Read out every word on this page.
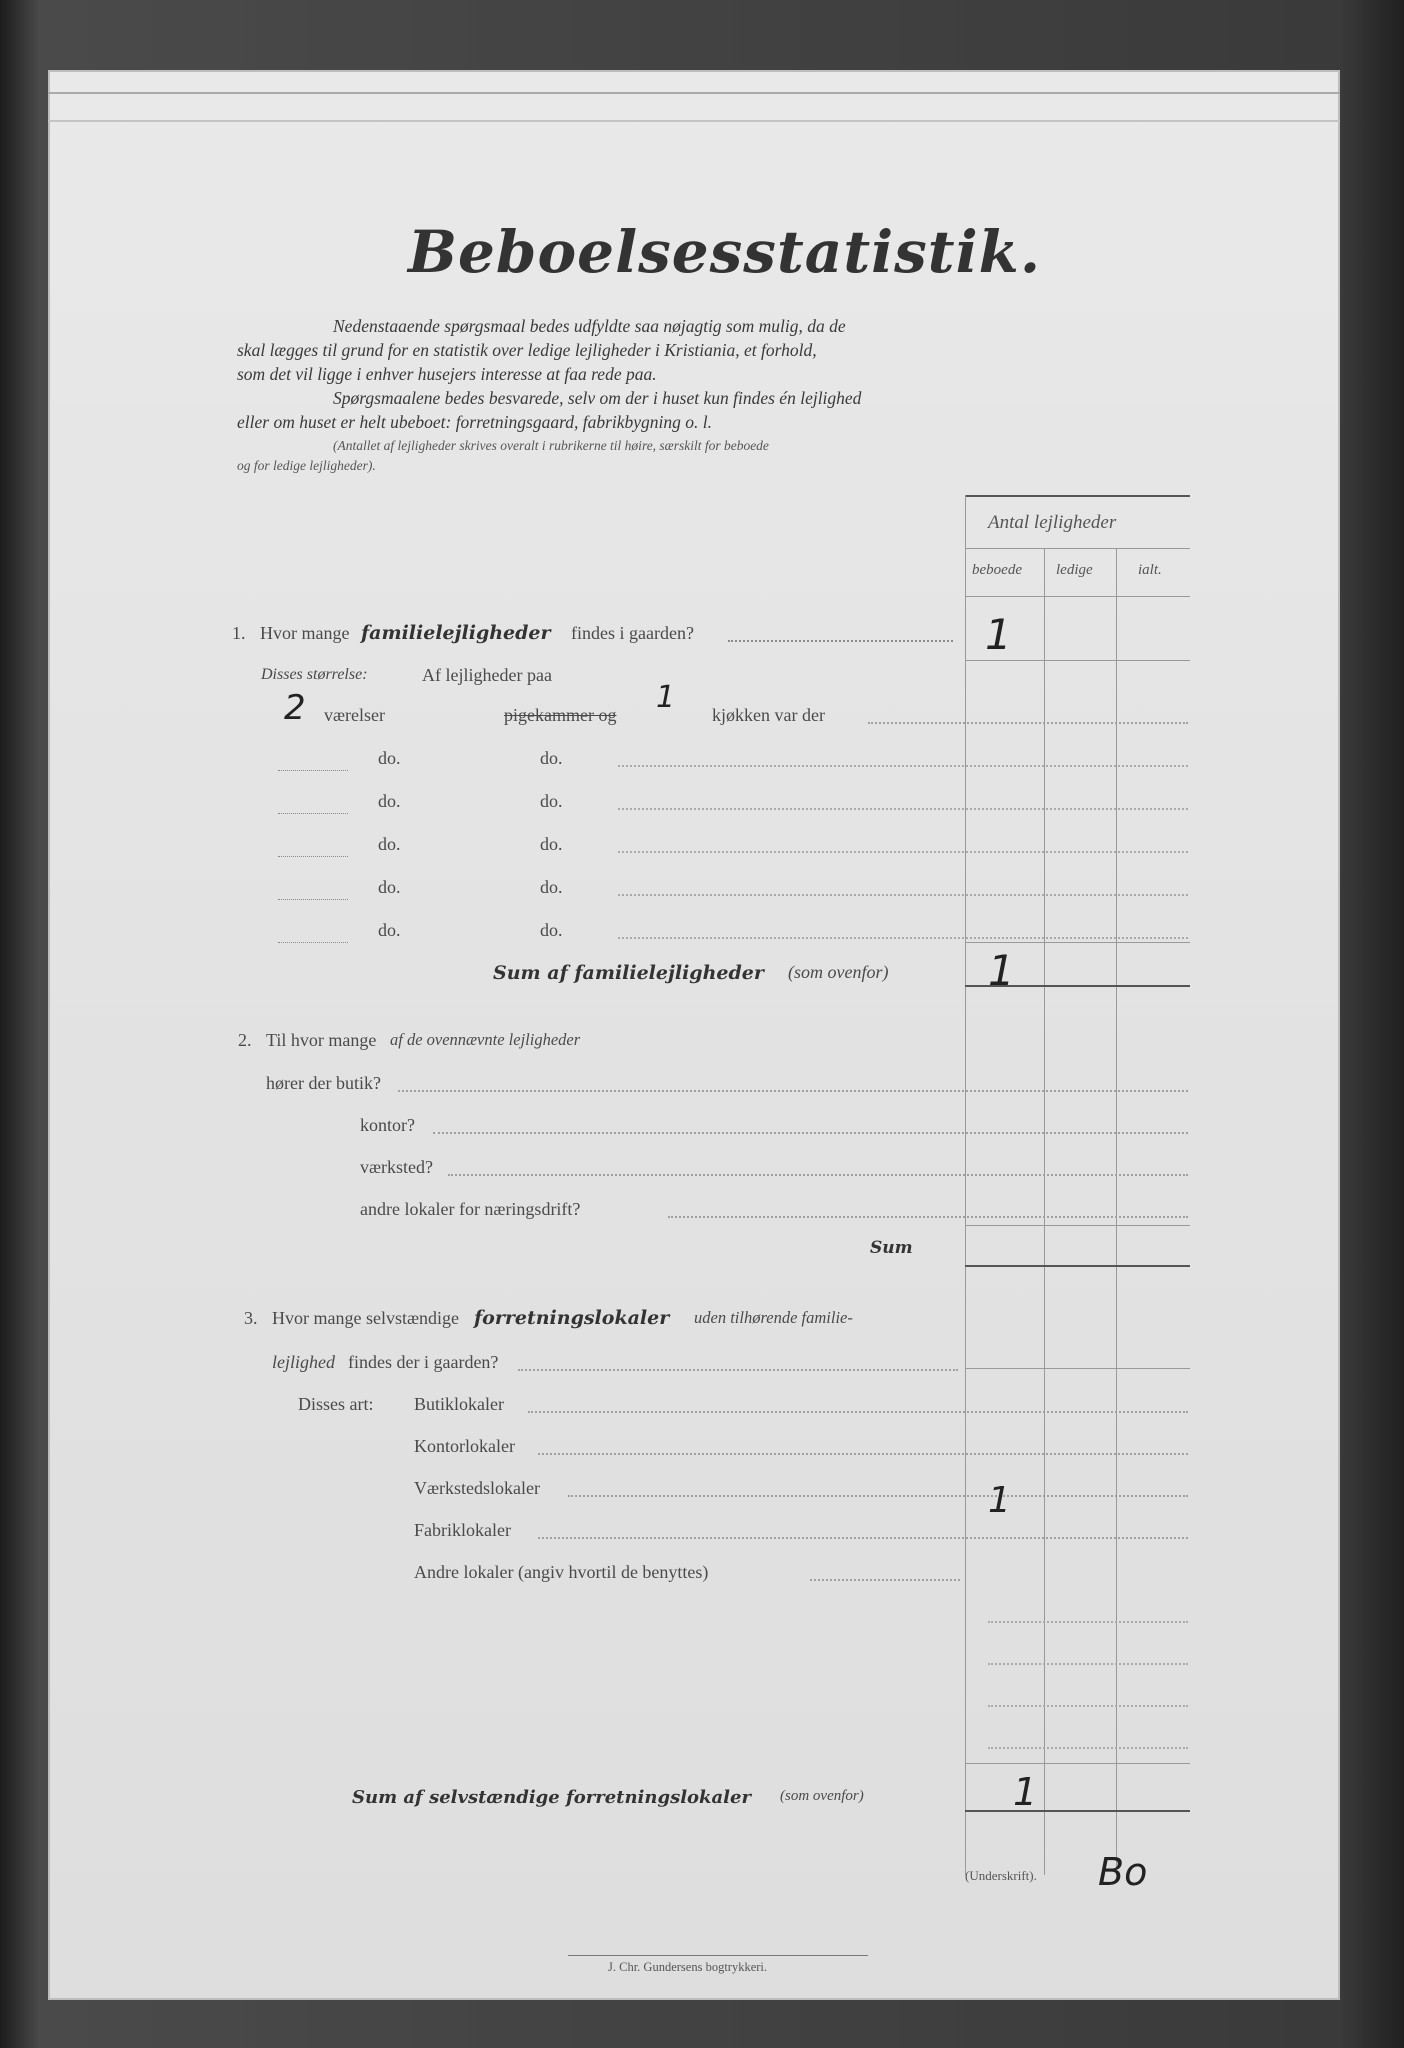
Beboelsesstatistik.
Nedenstaaende spørgsmaal bedes udfyldte saa nøjagtig som mulig, da de
skal lægges til grund for en statistik over ledige lejligheder i Kristiania, et forhold,
som det vil ligge i enhver husejers interesse at faa rede paa.
Spørgsmaalene bedes besvarede, selv om der i huset kun findes én lejlighed
eller om huset er helt ubeboet: forretningsgaard, fabrikbygning o. l.
(Antallet af lejligheder skrives overalt i rubrikerne til høire, særskilt for beboede
og for ledige lejligheder).
Antal lejligheder
beboede ledige	ialt.
1. Hvor mange familielejligheder findes i gaarden?	1
Disses størrelse:	Af lejligheder paa
2 værelser	pigekammer og 1 kjøkken var der
do.	do.
do.	do.
do.	do.
do.	do.
do.	do.
Sum af familielejligheder (som ovenfor) 1
2. Til hvor mange af de ovennævnte lejligheder
hører der butik?
kontor?
værksted?
andre lokaler for næringsdrift?
Sum
3. Hvor mange selvstændige forretningslokaler uden tilhørende familie-
lejlighed findes der i gaarden?
Disses art: Butiklokaler
Kontorlokaler
Værkstedslokaler	1
Fabriklokaler
Andre lokaler (angiv hvortil de benyttes)
Sum af selvstændige forretningslokaler (som ovenfor)	1
(Underskrift). Bo
J. Chr. Gundersens bogtrykkeri.
